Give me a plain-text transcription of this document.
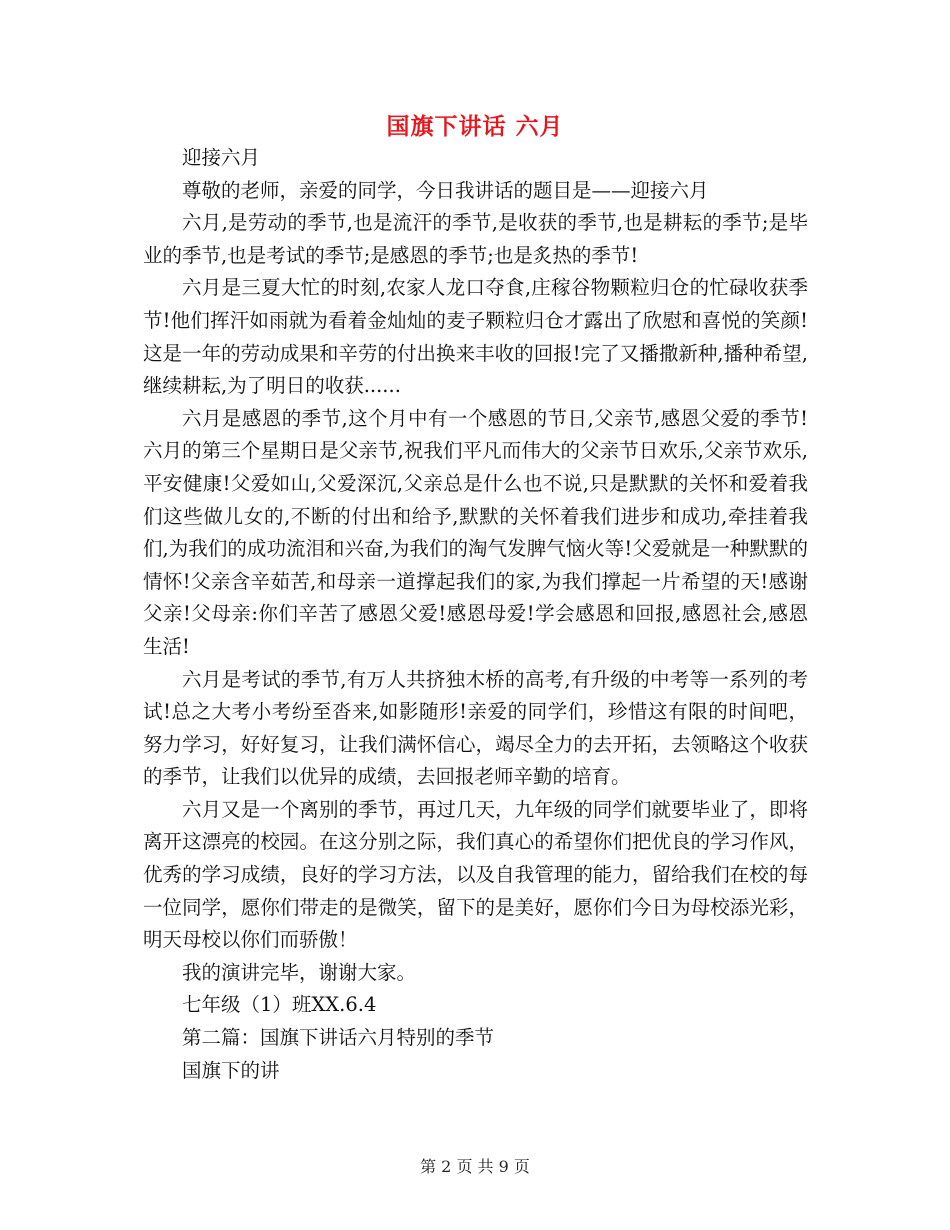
国旗下讲话 六月

迎接六月

尊敬的老师，亲爱的同学，今日我讲话的题目是——迎接六月

六月,是劳动的季节,也是流汗的季节,是收获的季节,也是耕耘的季节;是毕业的季节,也是考试的季节;是感恩的季节;也是炙热的季节!

六月是三夏大忙的时刻,农家人龙口夺食,庄稼谷物颗粒归仓的忙碌收获季节!他们挥汗如雨就为看着金灿灿的麦子颗粒归仓才露出了欣慰和喜悦的笑颜!这是一年的劳动成果和辛劳的付出换来丰收的回报!完了又播撒新种,播种希望,继续耕耘,为了明日的收获......

六月是感恩的季节,这个月中有一个感恩的节日,父亲节,感恩父爱的季节!六月的第三个星期日是父亲节,祝我们平凡而伟大的父亲节日欢乐,父亲节欢乐,平安健康!父爱如山,父爱深沉,父亲总是什么也不说,只是默默的关怀和爱着我们这些做儿女的,不断的付出和给予,默默的关怀着我们进步和成功,牵挂着我们,为我们的成功流泪和兴奋,为我们的淘气发脾气恼火等!父爱就是一种默默的情怀!父亲含辛茹苦,和母亲一道撑起我们的家,为我们撑起一片希望的天!感谢父亲!父母亲:你们辛苦了感恩父爱!感恩母爱!学会感恩和回报,感恩社会,感恩生活!

六月是考试的季节,有万人共挤独木桥的高考,有升级的中考等一系列的考试!总之大考小考纷至沓来,如影随形!亲爱的同学们，珍惜这有限的时间吧，努力学习，好好复习，让我们满怀信心，竭尽全力的去开拓，去领略这个收获的季节，让我们以优异的成绩，去回报老师辛勤的培育。

六月又是一个离别的季节，再过几天，九年级的同学们就要毕业了，即将离开这漂亮的校园。在这分别之际，我们真心的希望你们把优良的学习作风，优秀的学习成绩，良好的学习方法，以及自我管理的能力，留给我们在校的每一位同学，愿你们带走的是微笑，留下的是美好，愿你们今日为母校添光彩，明天母校以你们而骄傲！

我的演讲完毕，谢谢大家。

七年级（1）班XX.6.4

第二篇：国旗下讲话六月特别的季节

国旗下的讲

第 2 页 共 9 页
